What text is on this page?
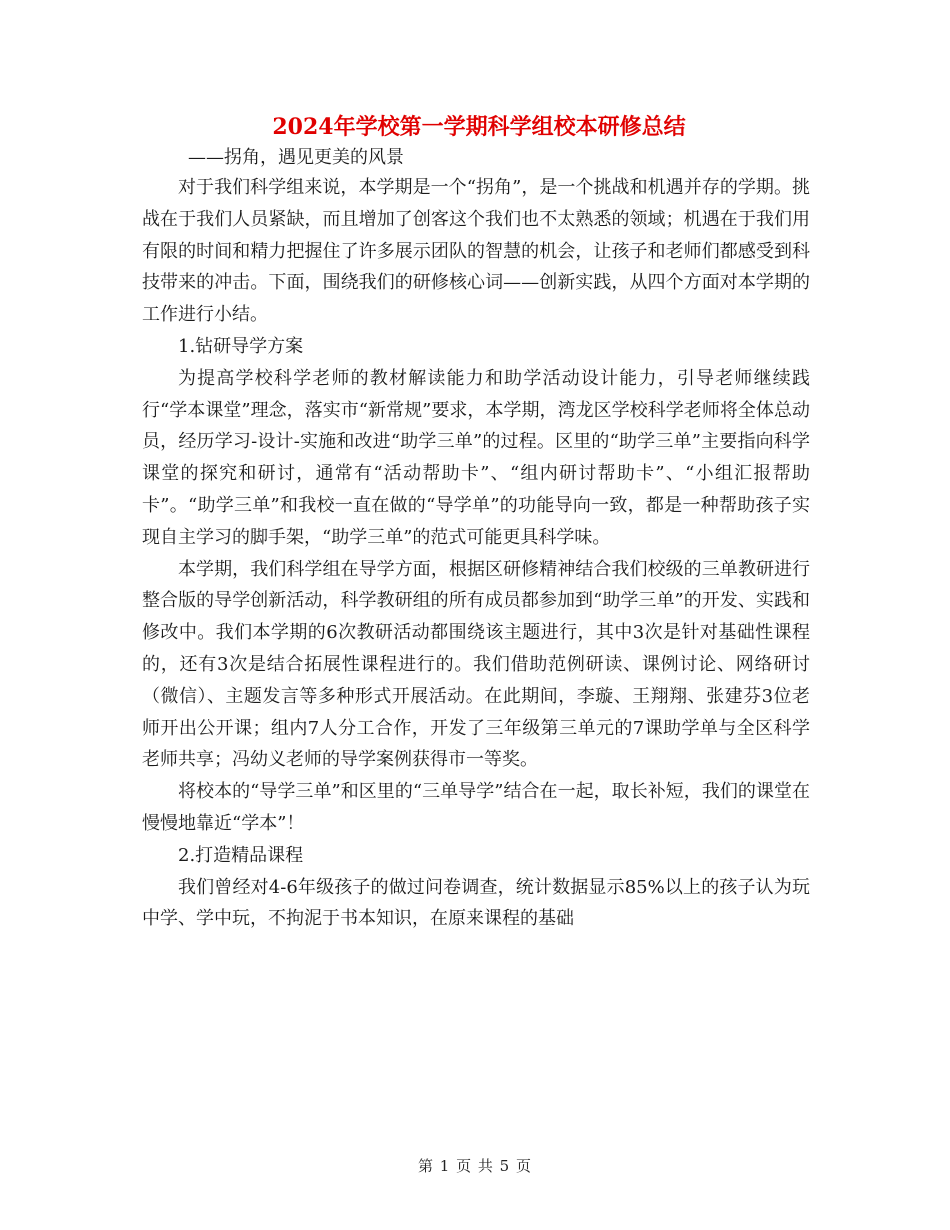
2024年学校第一学期科学组校本研修总结

——拐角，遇见更美的风景

对于我们科学组来说，本学期是一个“拐角”，是一个挑战和机遇并存的学期。挑战在于我们人员紧缺，而且增加了创客这个我们也不太熟悉的领域；机遇在于我们用有限的时间和精力把握住了许多展示团队的智慧的机会，让孩子和老师们都感受到科技带来的冲击。下面，围绕我们的研修核心词——创新实践，从四个方面对本学期的工作进行小结。

1.钻研导学方案

为提高学校科学老师的教材解读能力和助学活动设计能力，引导老师继续践行“学本课堂”理念，落实市“新常规”要求，本学期，湾龙区学校科学老师将全体总动员，经历学习-设计-实施和改进“助学三单”的过程。区里的“助学三单”主要指向科学课堂的探究和研讨，通常有“活动帮助卡”、“组内研讨帮助卡”、“小组汇报帮助卡”。“助学三单”和我校一直在做的“导学单”的功能导向一致，都是一种帮助孩子实现自主学习的脚手架，“助学三单”的范式可能更具科学味。

本学期，我们科学组在导学方面，根据区研修精神结合我们校级的三单教研进行整合版的导学创新活动，科学教研组的所有成员都参加到“助学三单”的开发、实践和修改中。我们本学期的6次教研活动都围绕该主题进行，其中3次是针对基础性课程的，还有3次是结合拓展性课程进行的。我们借助范例研读、课例讨论、网络研讨（微信）、主题发言等多种形式开展活动。在此期间，李璇、王翔翔、张建芬3位老师开出公开课；组内7人分工合作，开发了三年级第三单元的7课助学单与全区科学老师共享；冯幼义老师的导学案例获得市一等奖。

将校本的“导学三单”和区里的“三单导学”结合在一起，取长补短，我们的课堂在慢慢地靠近“学本”！

2.打造精品课程

我们曾经对4-6年级孩子的做过问卷调查，统计数据显示85%以上的孩子认为玩中学、学中玩，不拘泥于书本知识，在原来课程的基础

第 1 页 共 5 页
